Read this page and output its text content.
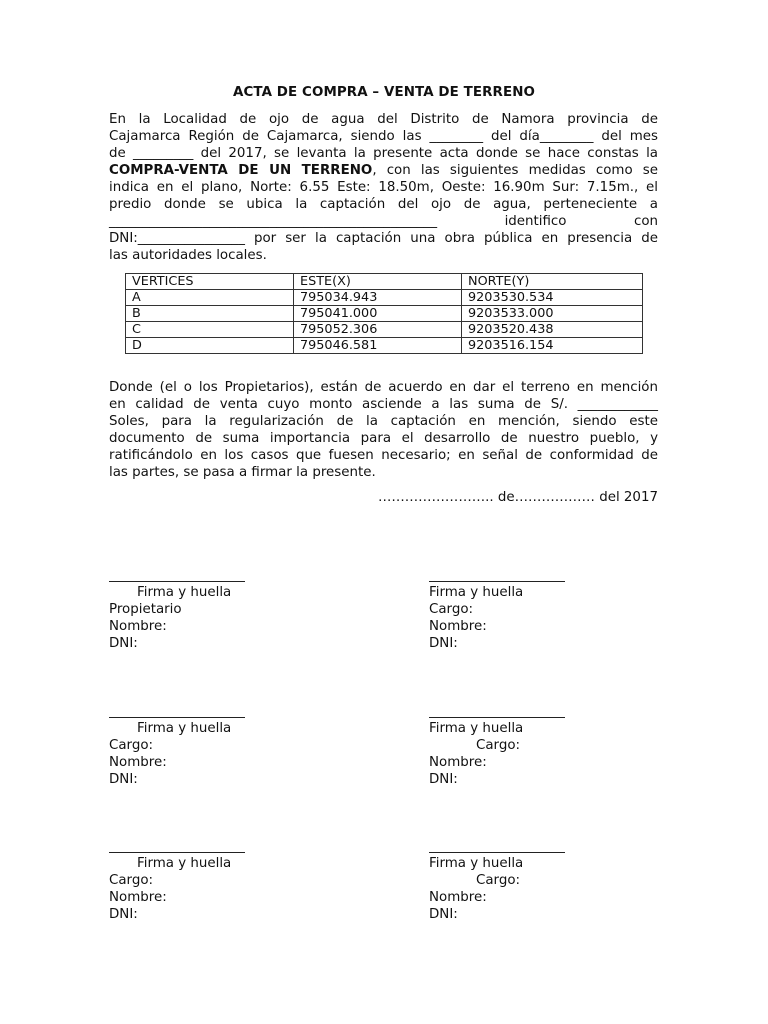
ACTA DE COMPRA – VENTA DE TERRENO
En la Localidad de ojo de agua del Distrito de Namora provincia de
Cajamarca Región de Cajamarca, siendo las ________ del día________ del mes
de _________ del 2017, se levanta la presente acta donde se hace constas la
COMPRA-VENTA DE UN TERRENO, con las siguientes medidas como se
indica en el plano, Norte: 6.55 Este: 18.50m, Oeste: 16.90m Sur: 7.15m., el
predio donde se ubica la captación del ojo de agua, perteneciente a
_________________________________________________	identifico	con
DNI:________________ por ser la captación una obra pública en presencia de
las autoridades locales.
VERTICES	ESTE(X)	NORTE(Y)
A	795034.943	9203530.534
B	795041.000	9203533.000
C	795052.306	9203520.438
D	795046.581	9203516.154
Donde (el o los Propietarios), están de acuerdo en dar el terreno en mención
en calidad de venta cuyo monto asciende a las suma de S/. ____________
Soles, para la regularización de la captación en mención, siendo este
documento de suma importancia para el desarrollo de nuestro pueblo, y
ratificándolo en los casos que fuesen necesario; en señal de conformidad de
las partes, se pasa a firmar la presente.
…………………….. de……………… del 2017
Firma y huella
Propietario
Nombre:
DNI:
Firma y huella
Cargo:
Nombre:
DNI:
Firma y huella
Cargo:
Nombre:
DNI:
Firma y huella
Cargo:
Nombre:
DNI:
Firma y huella
Cargo:
Nombre:
DNI:
Firma y huella
Cargo:
Nombre:
DNI:
